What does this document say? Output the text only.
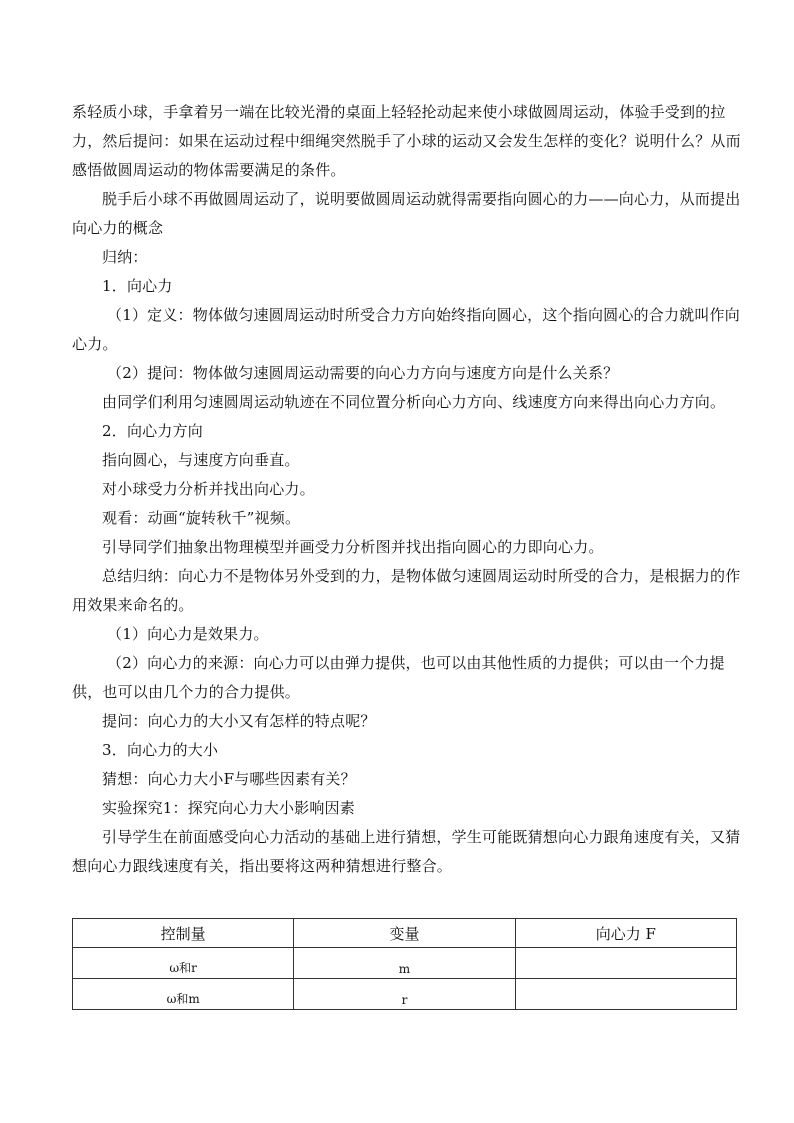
系轻质小球，手拿着另一端在比较光滑的桌面上轻轻抡动起来使小球做圆周运动，体验手受到的拉力，然后提问：如果在运动过程中细绳突然脱手了小球的运动又会发生怎样的变化？说明什么？从而感悟做圆周运动的物体需要满足的条件。

脱手后小球不再做圆周运动了，说明要做圆周运动就得需要指向圆心的力——向心力，从而提出向心力的概念

归纳：

1．向心力

（1）定义：物体做匀速圆周运动时所受合力方向始终指向圆心，这个指向圆心的合力就叫作向心力。

（2）提问：物体做匀速圆周运动需要的向心力方向与速度方向是什么关系？

由同学们利用匀速圆周运动轨迹在不同位置分析向心力方向、线速度方向来得出向心力方向。

2．向心力方向

指向圆心，与速度方向垂直。

对小球受力分析并找出向心力。

观看：动画“旋转秋千”视频。

引导同学们抽象出物理模型并画受力分析图并找出指向圆心的力即向心力。

总结归纳：向心力不是物体另外受到的力，是物体做匀速圆周运动时所受的合力，是根据力的作用效果来命名的。

（1）向心力是效果力。

（2）向心力的来源：向心力可以由弹力提供，也可以由其他性质的力提供；可以由一个力提供，也可以由几个力的合力提供。

提问：向心力的大小又有怎样的特点呢？

3．向心力的大小

猜想：向心力大小F与哪些因素有关？

实验探究1：探究向心力大小影响因素

引导学生在前面感受向心力活动的基础上进行猜想，学生可能既猜想向心力跟角速度有关，又猜想向心力跟线速度有关，指出要将这两种猜想进行整合。

控制量	变量	向心力 F
ω和r	m	
ω和m	r	
